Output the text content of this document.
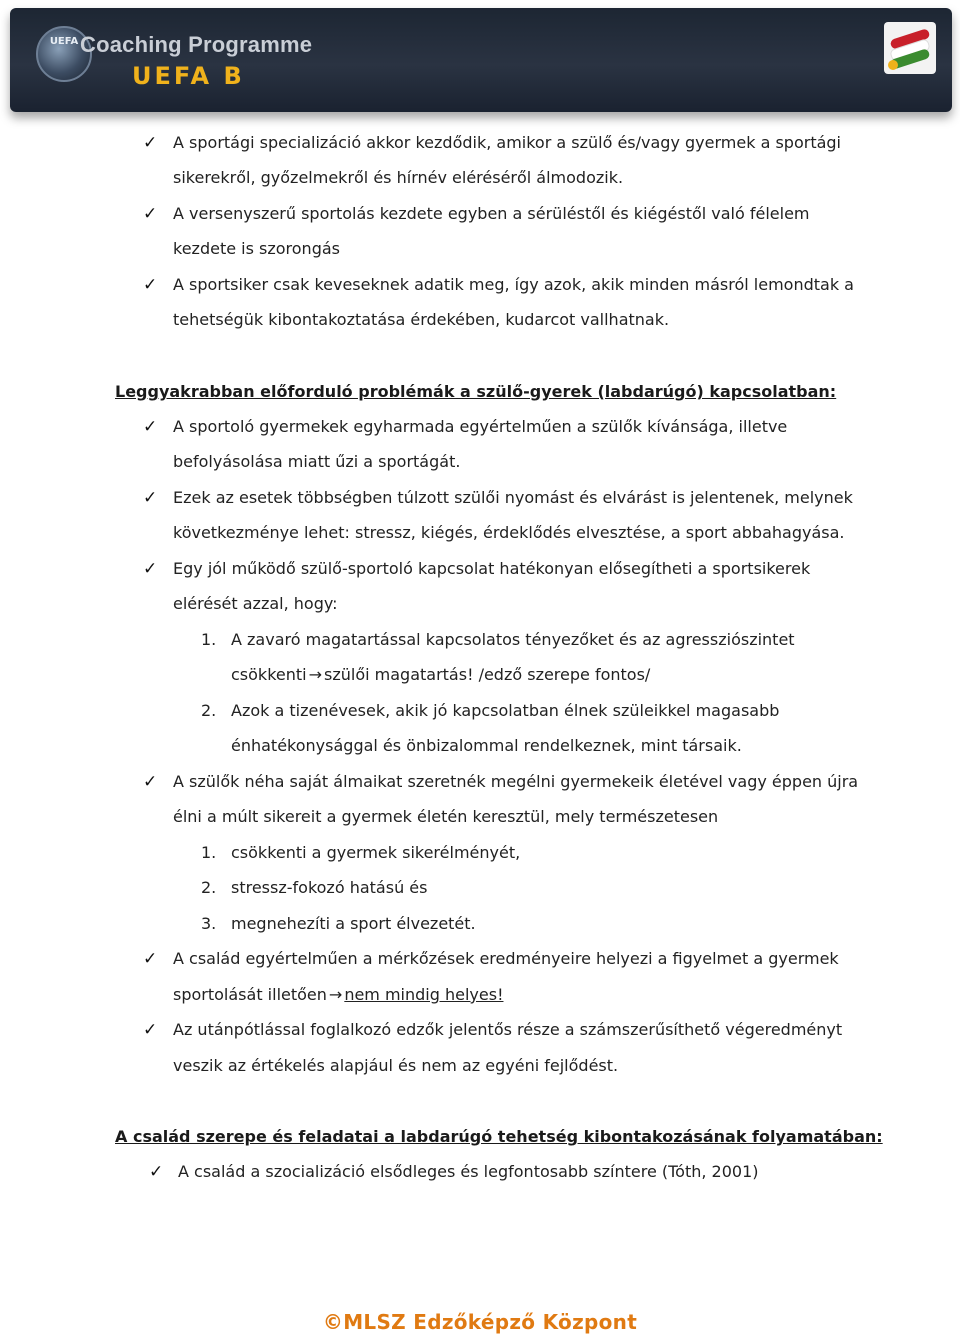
UEFA Coaching Programme
UEFA B
✓ A sportági specializáció akkor kezdődik, amikor a szülő és/vagy gyermek a sportági
sikerekről, győzelmekről és hírnév eléréséről álmodozik.
✓ A versenyszerű sportolás kezdete egyben a sérüléstől és kiégéstől való félelem
kezdete is szorongás
✓ A sportsiker csak keveseknek adatik meg, így azok, akik minden másról lemondtak a
tehetségük kibontakoztatása érdekében, kudarcot vallhatnak.
Leggyakrabban előforduló problémák a szülő-gyerek (labdarúgó) kapcsolatban:
✓ A sportoló gyermekek egyharmada egyértelműen a szülők kívánsága, illetve
befolyásolása miatt űzi a sportágát.
✓ Ezek az esetek többségben túlzott szülői nyomást és elvárást is jelentenek, melynek
következménye lehet: stressz, kiégés, érdeklődés elvesztése, a sport abbahagyása.
✓ Egy jól működő szülő-sportoló kapcsolat hatékonyan elősegítheti a sportsikerek
elérését azzal, hogy:
1. A zavaró magatartással kapcsolatos tényezőket és az agressziószintet
csökkenti → szülői magatartás! /edző szerepe fontos/
2. Azok a tizenévesek, akik jó kapcsolatban élnek szüleikkel magasabb
énhatékonysággal és önbizalommal rendelkeznek, mint társaik.
✓ A szülők néha saját álmaikat szeretnék megélni gyermekeik életével vagy éppen újra
élni a múlt sikereit a gyermek életén keresztül, mely természetesen
1. csökkenti a gyermek sikerélményét,
2. stressz-fokozó hatású és
3. megnehezíti a sport élvezetét.
✓ A család egyértelműen a mérkőzések eredményeire helyezi a figyelmet a gyermek
sportolását illetően → nem mindig helyes!
✓ Az utánpótlással foglalkozó edzők jelentős része a számszerűsíthető végeredményt
veszik az értékelés alapjául és nem az egyéni fejlődést.
A család szerepe és feladatai a labdarúgó tehetség kibontakozásának folyamatában:
✓ A család a szocializáció elsődleges és legfontosabb színtere (Tóth, 2001)
©MLSZ Edzőképző Központ
